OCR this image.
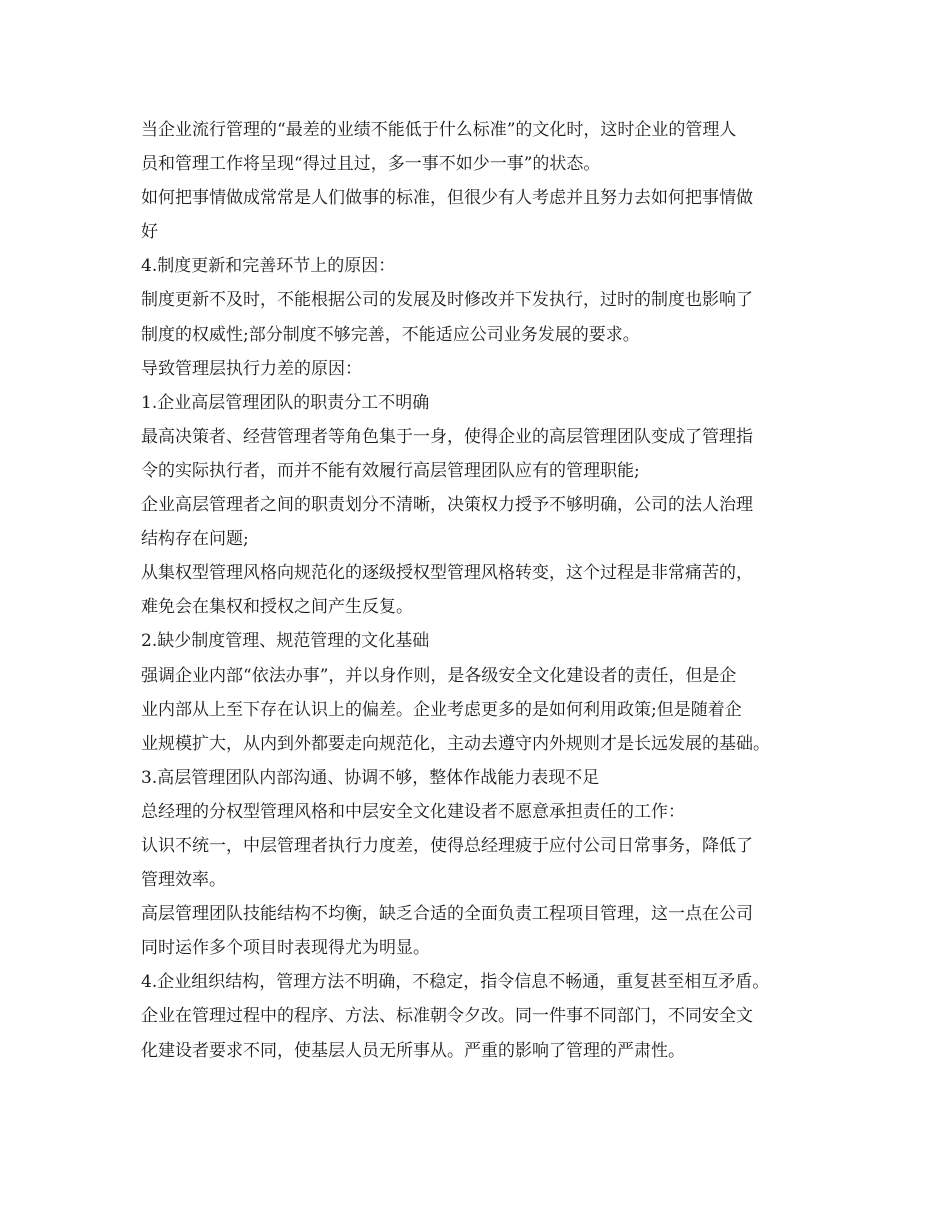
当企业流行管理的“最差的业绩不能低于什么标准”的文化时，这时企业的管理人
员和管理工作将呈现“得过且过，多一事不如少一事”的状态。
如何把事情做成常常是人们做事的标准，但很少有人考虑并且努力去如何把事情做
好
4.制度更新和完善环节上的原因：
制度更新不及时，不能根据公司的发展及时修改并下发执行，过时的制度也影响了
制度的权威性;部分制度不够完善，不能适应公司业务发展的要求。
导致管理层执行力差的原因：
1.企业高层管理团队的职责分工不明确
最高决策者、经营管理者等角色集于一身，使得企业的高层管理团队变成了管理指
令的实际执行者，而并不能有效履行高层管理团队应有的管理职能;
企业高层管理者之间的职责划分不清晰，决策权力授予不够明确，公司的法人治理
结构存在问题;
从集权型管理风格向规范化的逐级授权型管理风格转变，这个过程是非常痛苦的，
难免会在集权和授权之间产生反复。
2.缺少制度管理、规范管理的文化基础
强调企业内部“依法办事”，并以身作则，是各级安全文化建设者的责任，但是企
业内部从上至下存在认识上的偏差。企业考虑更多的是如何利用政策;但是随着企
业规模扩大，从内到外都要走向规范化，主动去遵守内外规则才是长远发展的基础。
3.高层管理团队内部沟通、协调不够，整体作战能力表现不足
总经理的分权型管理风格和中层安全文化建设者不愿意承担责任的工作：
认识不统一，中层管理者执行力度差，使得总经理疲于应付公司日常事务，降低了
管理效率。
高层管理团队技能结构不均衡，缺乏合适的全面负责工程项目管理，这一点在公司
同时运作多个项目时表现得尤为明显。
4.企业组织结构，管理方法不明确，不稳定，指令信息不畅通，重复甚至相互矛盾。
企业在管理过程中的程序、方法、标准朝令夕改。同一件事不同部门，不同安全文
化建设者要求不同，使基层人员无所事从。严重的影响了管理的严肃性。
